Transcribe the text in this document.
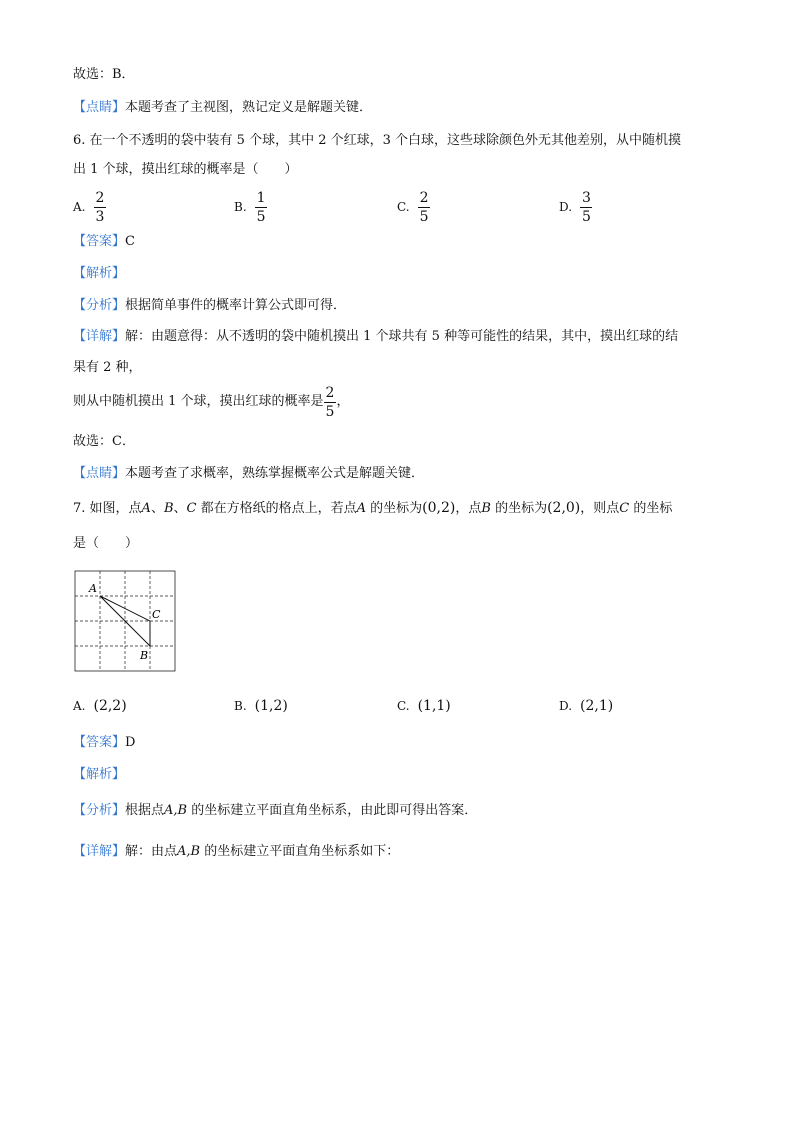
故选：B．
【点睛】本题考查了主视图，熟记定义是解题关键．
6. 在一个不透明的袋中装有 5 个球，其中 2 个红球，3 个白球，这些球除颜色外无其他差别，从中随机摸
出 1 个球，摸出红球的概率是（　　）
A. $\frac{2}{3}$	B. $\frac{1}{5}$	C. $\frac{2}{5}$	D. $\frac{3}{5}$
【答案】C
【解析】
【分析】根据简单事件的概率计算公式即可得．
【详解】解：由题意得：从不透明的袋中随机摸出 1 个球共有 5 种等可能性的结果，其中，摸出红球的结
果有 2 种，
则从中随机摸出 1 个球，摸出红球的概率是 $\frac{2}{5}$ ，
故选：C．
【点睛】本题考查了求概率，熟练掌握概率公式是解题关键．
7. 如图，点A、B、C 都在方格纸的格点上，若点A 的坐标为(0,2)，点B 的坐标为(2,0)，则点C 的坐标
是（　　）
A
C
B
A. (2,2)	B. (1,2)	C. (1,1)	D. (2,1)
【答案】D
【解析】
【分析】根据点A,B 的坐标建立平面直角坐标系，由此即可得出答案．
【详解】解：由点A,B 的坐标建立平面直角坐标系如下：
